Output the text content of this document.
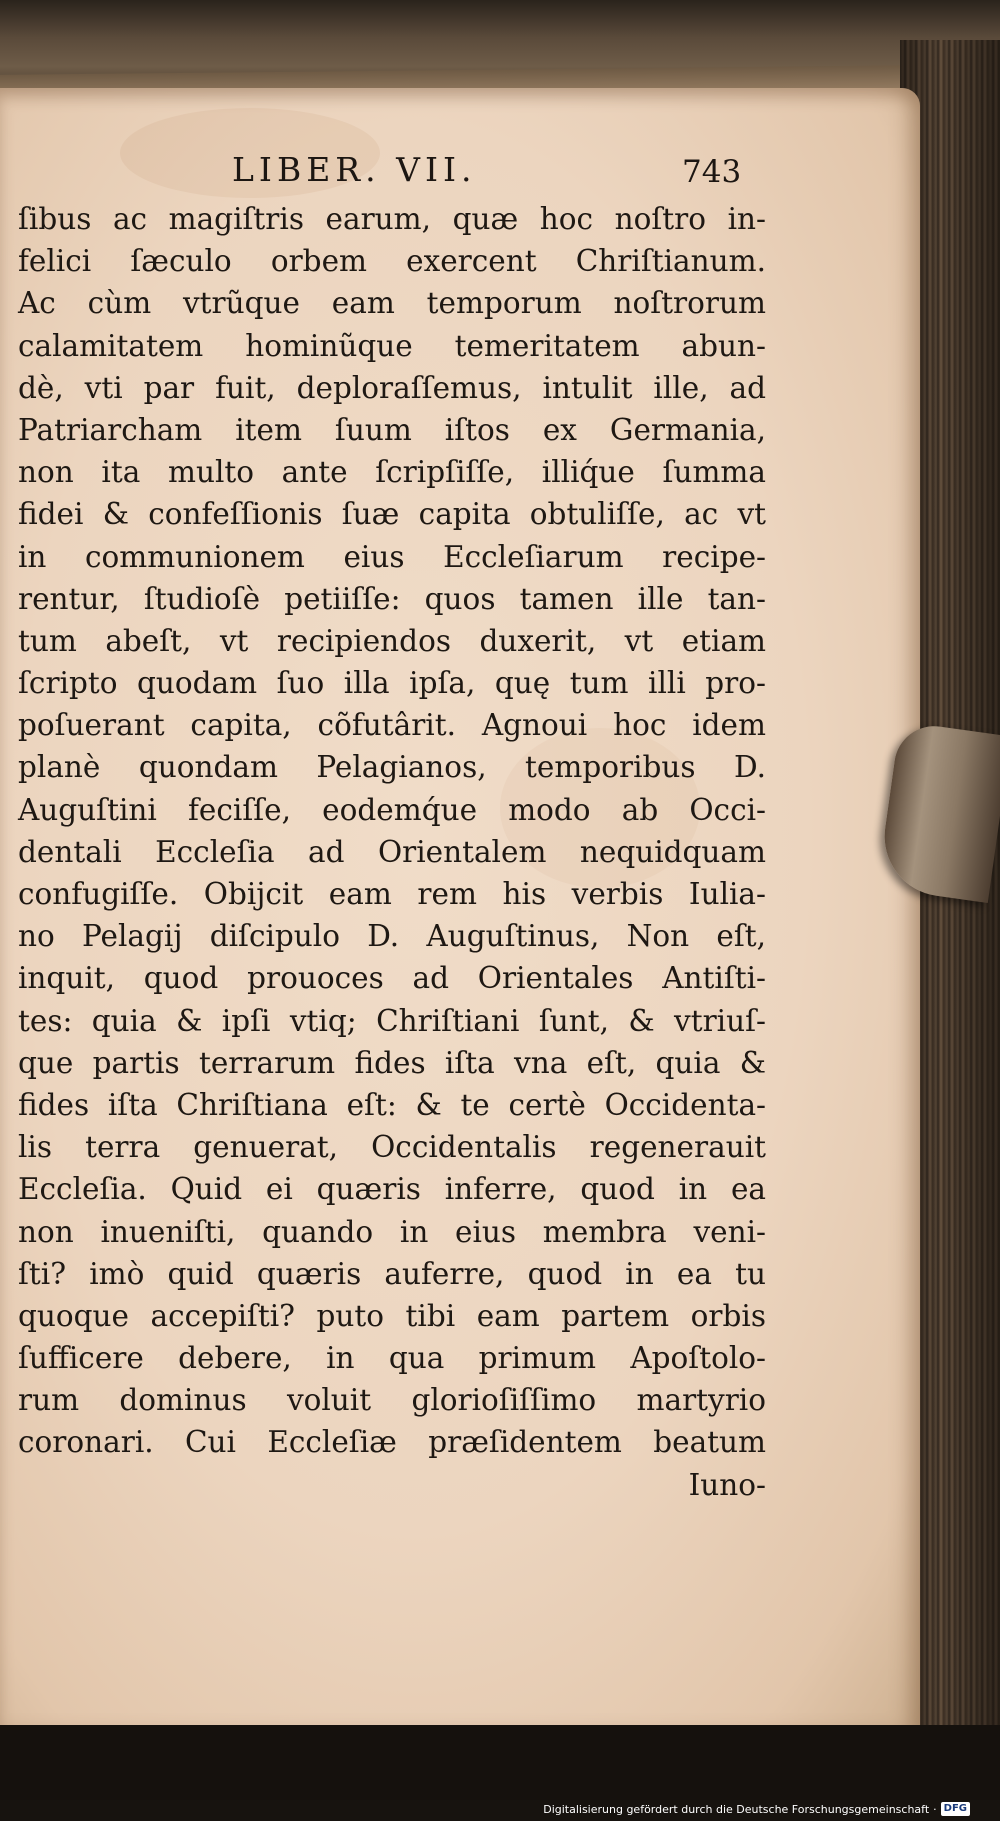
LIBER. VII.	743
ſibus ac magiſtris earum, quæ hoc noſtro in-
felici ſæculo orbem exercent Chriſtianum.
Ac cùm vtrũque eam temporum noſtrorum
calamitatem hominũque temeritatem abun-
dè, vti par fuit, deploraſſemus, intulit ille, ad
Patriarcham item ſuum iſtos ex Germania,
non ita multo ante ſcripſiſſe, illiq́ue ſumma
fidei & confeſſionis ſuæ capita obtuliſſe, ac vt
in communionem eius Eccleſiarum recipe-
rentur, ſtudioſè petiiſſe: quos tamen ille tan-
tum abeſt, vt recipiendos duxerit, vt etiam
ſcripto quodam ſuo illa ipſa, quę tum illi pro-
poſuerant capita, cõfutârit. Agnoui hoc idem
planè quondam Pelagianos, temporibus D.
Auguſtini feciſſe, eodemq́ue modo ab Occi-
dentali Eccleſia ad Orientalem nequidquam
confugiſſe. Obijcit eam rem his verbis Iulia-
no Pelagij diſcipulo D. Auguſtinus, Non eſt,
inquit, quod prouoces ad Orientales Antiſti-
tes: quia & ipſi vtiq; Chriſtiani ſunt, & vtriuſ-
que partis terrarum fides iſta vna eſt, quia &
fides iſta Chriſtiana eſt: & te certè Occidenta-
lis terra genuerat, Occidentalis regenerauit
Eccleſia. Quid ei quæris inferre, quod in ea
non inueniſti, quando in eius membra veni-
ſti? imò quid quæris auferre, quod in ea tu
quoque accepiſti? puto tibi eam partem orbis
ſufficere debere, in qua primum Apoſtolo-
rum dominus voluit glorioſiſſimo martyrio
coronari. Cui Eccleſiæ præſidentem beatum
Iuno-
Digitalisierung gefördert durch die Deutsche Forschungsgemeinschaft · DFG
